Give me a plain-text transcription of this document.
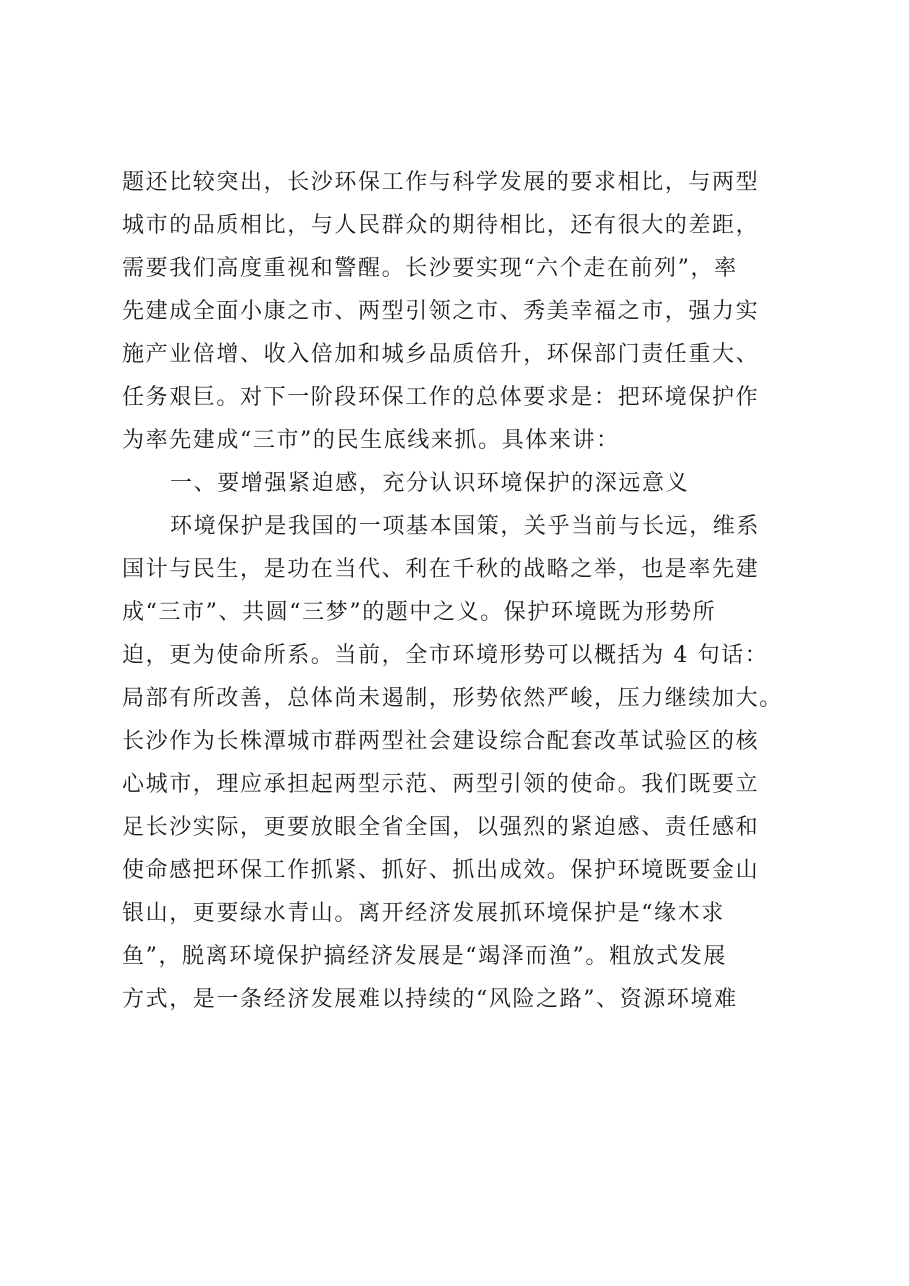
题还比较突出，长沙环保工作与科学发展的要求相比，与两型
城市的品质相比，与人民群众的期待相比，还有很大的差距，
需要我们高度重视和警醒。长沙要实现“六个走在前列”，率
先建成全面小康之市、两型引领之市、秀美幸福之市，强力实
施产业倍增、收入倍加和城乡品质倍升，环保部门责任重大、
任务艰巨。对下一阶段环保工作的总体要求是：把环境保护作
为率先建成“三市”的民生底线来抓。具体来讲：
一、要增强紧迫感，充分认识环境保护的深远意义
环境保护是我国的一项基本国策，关乎当前与长远，维系
国计与民生，是功在当代、利在千秋的战略之举，也是率先建
成“三市”、共圆“三梦”的题中之义。保护环境既为形势所
迫，更为使命所系。当前，全市环境形势可以概括为 4 句话：
局部有所改善，总体尚未遏制，形势依然严峻，压力继续加大。
长沙作为长株潭城市群两型社会建设综合配套改革试验区的核
心城市，理应承担起两型示范、两型引领的使命。我们既要立
足长沙实际，更要放眼全省全国，以强烈的紧迫感、责任感和
使命感把环保工作抓紧、抓好、抓出成效。保护环境既要金山
银山，更要绿水青山。离开经济发展抓环境保护是“缘木求
鱼”，脱离环境保护搞经济发展是“竭泽而渔”。粗放式发展
方式，是一条经济发展难以持续的“风险之路”、资源环境难
